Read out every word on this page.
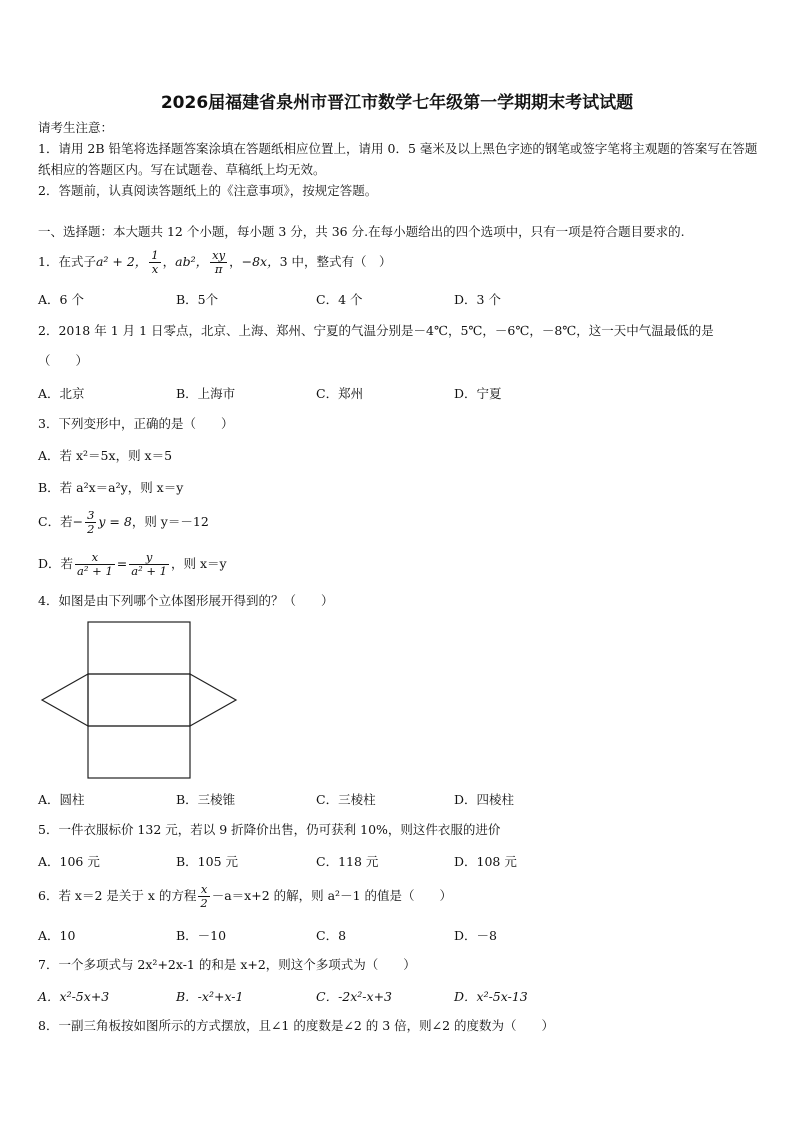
2026届福建省泉州市晋江市数学七年级第一学期期末考试试题
请考生注意：
1．请用 2B 铅笔将选择题答案涂填在答题纸相应位置上，请用 0．5 毫米及以上黑色字迹的钢笔或签字笔将主观题的答案写在答题纸相应的答题区内。写在试题卷、草稿纸上均无效。
2．答题前，认真阅读答题纸上的《注意事项》，按规定答题。
一、选择题：本大题共 12 个小题，每小题 3 分，共 36 分.在每小题给出的四个选项中，只有一项是符合题目要求的.
1．在式子a² + 2， $\frac{1}{x}$ ，ab²， $\frac{xy}{\pi}$ ，−8x，3 中，整式有（　）
A．6 个	B．5个	C．4 个	D．3 个
2．2018 年 1 月 1 日零点，北京、上海、郑州、宁夏的气温分别是－4℃，5℃，－6℃，－8℃，这一天中气温最低的是
（　　）
A．北京	B．上海市	C．郑州	D．宁夏
3．下列变形中，正确的是（　　）
A．若 x²＝5x，则 x＝5
B．若 a²x＝a²y，则 x＝y
C．若− $\frac{3}{2}$ y = 8，则 y＝－12
D．若 $\frac{x}{\text{a² + 1}} = \frac{y}{\text{a² + 1}}$ ，则 x＝y
4．如图是由下列哪个立体图形展开得到的？（　　）
A．圆柱	B．三棱锥	C．三棱柱	D．四棱柱
5．一件衣服标价 132 元，若以 9 折降价出售，仍可获利 10%，则这件衣服的进价
A．106 元	B．105 元	C．118 元	D．108 元
6．若 x＝2 是关于 x 的方程 $\frac{x}{2} -a=x+2$ 的解，则 a²－1 的值是（　　）
A．10	B．－10	C．8	D．－8
7．一个多项式与 2x²+2x-1 的和是 x+2，则这个多项式为（　　）
A．x²-5x+3	B．-x²+x-1	C．-2x²-x+3	D．x²-5x-13
8．一副三角板按如图所示的方式摆放，且∠1 的度数是∠2 的 3 倍，则∠2 的度数为（　　）
